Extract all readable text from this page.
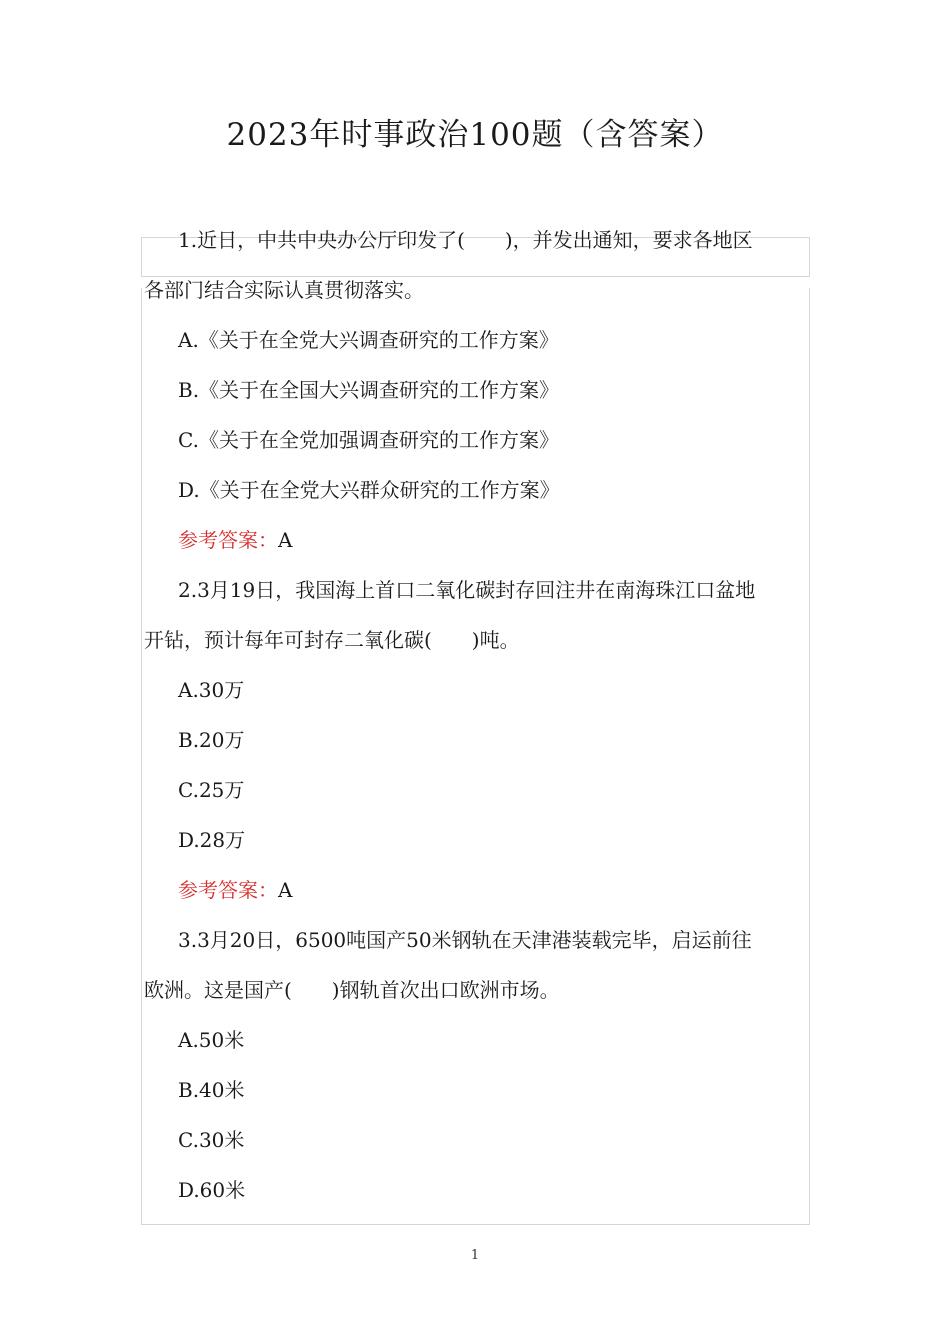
2023年时事政治100题（含答案）
1.近日，中共中央办公厅印发了(　　)，并发出通知，要求各地区
各部门结合实际认真贯彻落实。
A.《关于在全党大兴调查研究的工作方案》
B.《关于在全国大兴调查研究的工作方案》
C.《关于在全党加强调查研究的工作方案》
D.《关于在全党大兴群众研究的工作方案》
参考答案：A
2.3月19日，我国海上首口二氧化碳封存回注井在南海珠江口盆地
开钻，预计每年可封存二氧化碳(　　)吨。
A.30万
B.20万
C.25万
D.28万
参考答案：A
3.3月20日，6500吨国产50米钢轨在天津港装载完毕，启运前往
欧洲。这是国产(　　)钢轨首次出口欧洲市场。
A.50米
B.40米
C.30米
D.60米
1
